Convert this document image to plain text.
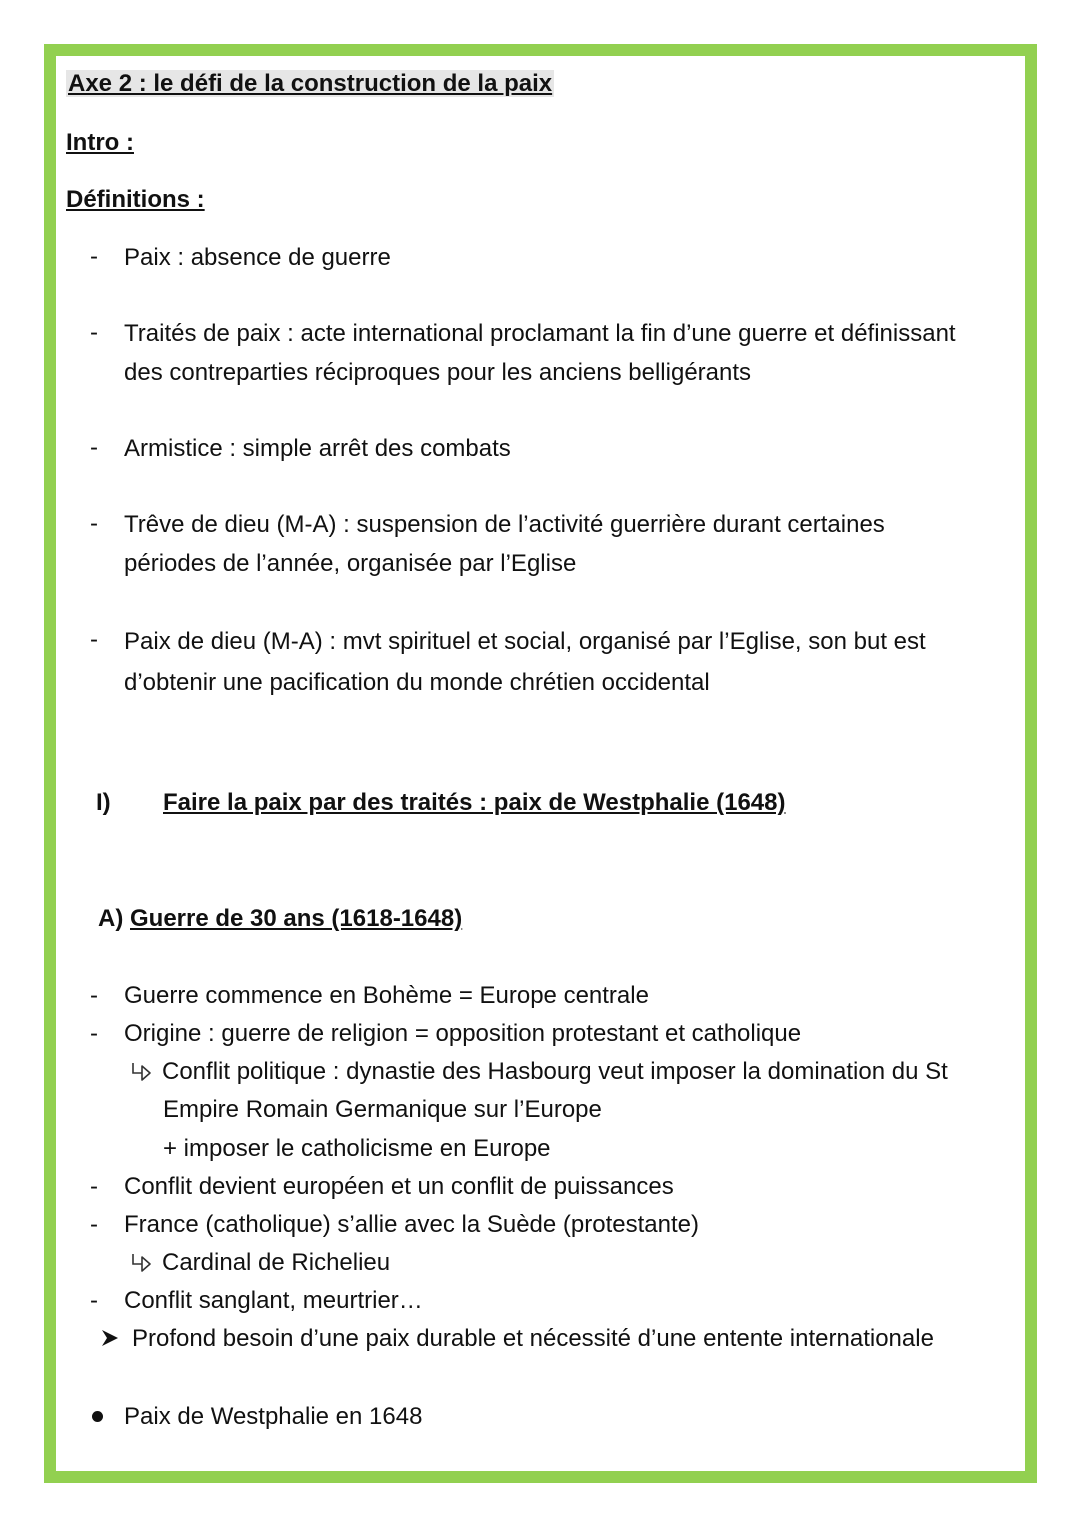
Axe 2 : le défi de la construction de la paix
Intro :
Définitions :
- Paix : absence de guerre
- Traités de paix : acte international proclamant la fin d’une guerre et définissant
des contreparties réciproques pour les anciens belligérants
- Armistice : simple arrêt des combats
- Trêve de dieu (M-A) : suspension de l’activité guerrière durant certaines
périodes de l’année, organisée par l’Eglise
- Paix de dieu (M-A) : mvt spirituel et social, organisé par l’Eglise, son but est
d’obtenir une pacification du monde chrétien occidental
I) Faire la paix par des traités : paix de Westphalie (1648)
A) Guerre de 30 ans (1618-1648)
- Guerre commence en Bohème = Europe centrale
- Origine : guerre de religion = opposition protestant et catholique
Conflit politique : dynastie des Hasbourg veut imposer la domination du St
Empire Romain Germanique sur l’Europe
+ imposer le catholicisme en Europe
- Conflit devient européen et un conflit de puissances
- France (catholique) s’allie avec la Suède (protestante)
Cardinal de Richelieu
- Conflit sanglant, meurtrier…
Profond besoin d’une paix durable et nécessité d’une entente internationale
Paix de Westphalie en 1648
